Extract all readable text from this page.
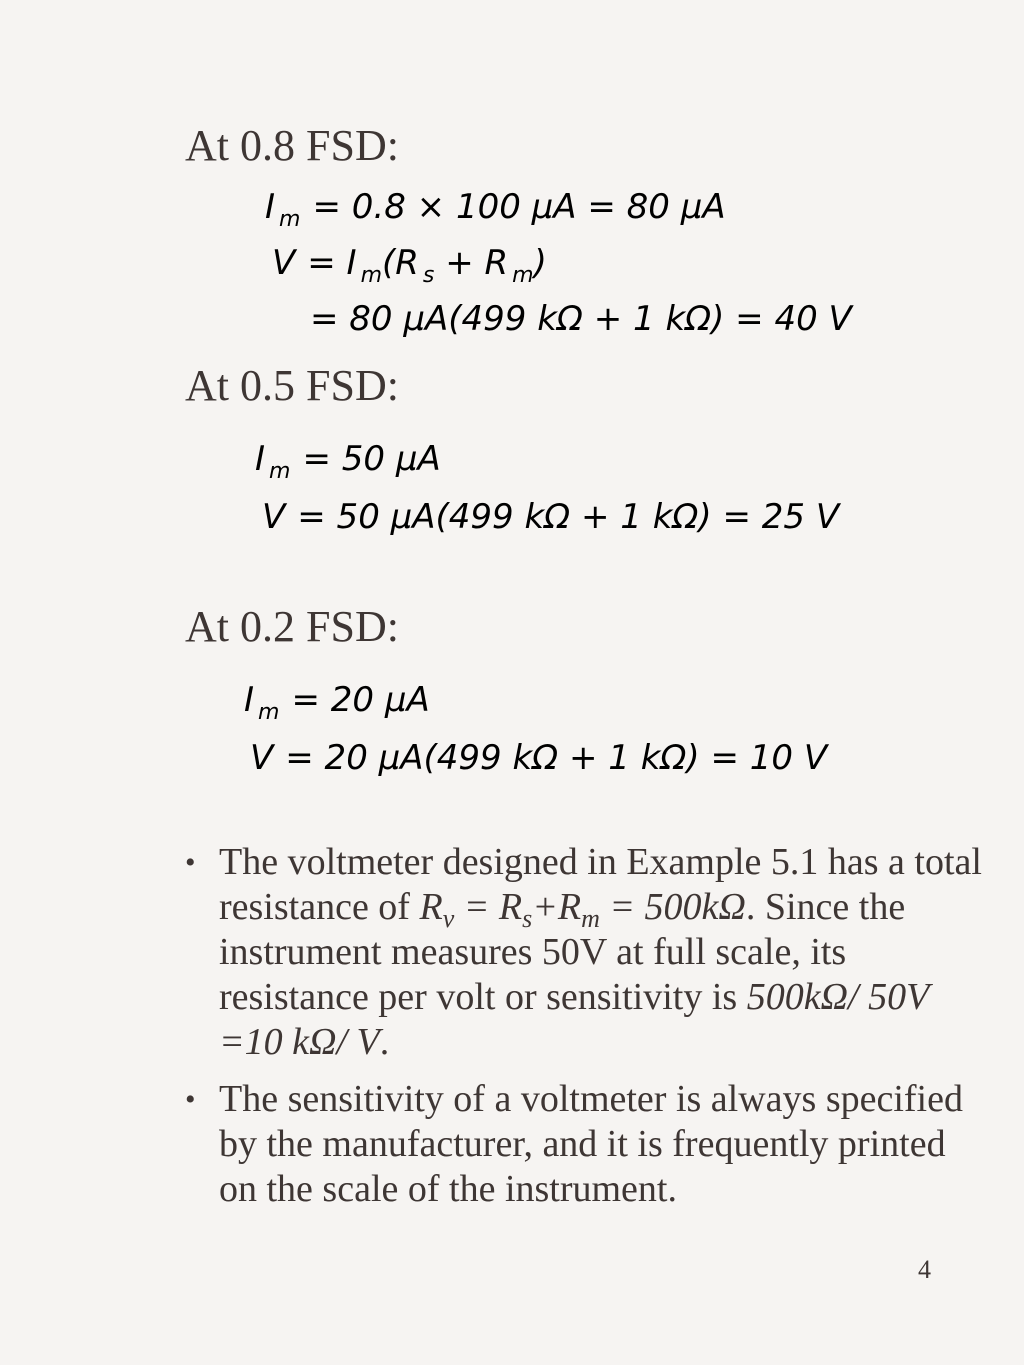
At 0.8 FSD:
I $_m$ = 0.8 × 100 μA = 80 μA
V = I $_m$(R $_s$ + R $_m$)
= 80 μA(499 kΩ + 1 kΩ) = 40 V
At 0.5 FSD:
I $_m$ = 50 μA
V = 50 μA(499 kΩ + 1 kΩ) = 25 V
At 0.2 FSD:
I $_m$ = 20 μA
V = 20 μA(499 kΩ + 1 kΩ) = 10 V
• The voltmeter designed in Example 5.1 has a total resistance of $R_v = R_s+R_m = 500k\Omega$. Since the instrument measures 50V at full scale, its resistance per volt or sensitivity is 500kΩ/ 50V =10 kΩ/ V.
• The sensitivity of a voltmeter is always specified by the manufacturer, and it is frequently printed on the scale of the instrument.
4
